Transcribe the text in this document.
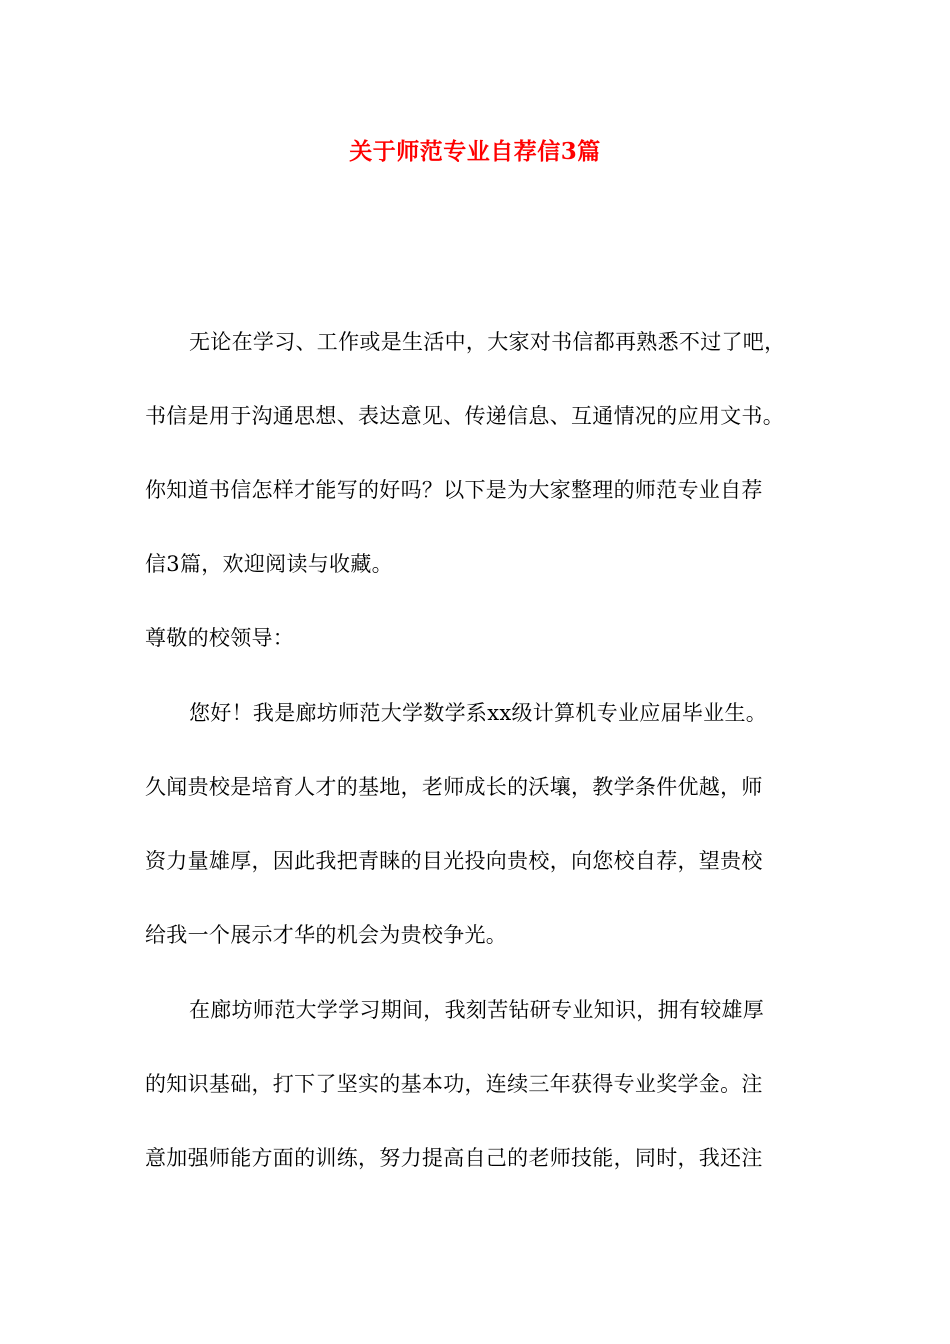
关于师范专业自荐信3篇
无论在学习、工作或是生活中，大家对书信都再熟悉不过了吧，
书信是用于沟通思想、表达意见、传递信息、互通情况的应用文书。
你知道书信怎样才能写的好吗？以下是为大家整理的师范专业自荐
信3篇，欢迎阅读与收藏。
尊敬的校领导：
您好！我是廊坊师范大学数学系xx级计算机专业应届毕业生。
久闻贵校是培育人才的基地，老师成长的沃壤，教学条件优越，师
资力量雄厚，因此我把青睐的目光投向贵校，向您校自荐，望贵校
给我一个展示才华的机会为贵校争光。
在廊坊师范大学学习期间，我刻苦钻研专业知识，拥有较雄厚
的知识基础，打下了坚实的基本功，连续三年获得专业奖学金。注
意加强师能方面的训练，努力提高自己的老师技能，同时，我还注
